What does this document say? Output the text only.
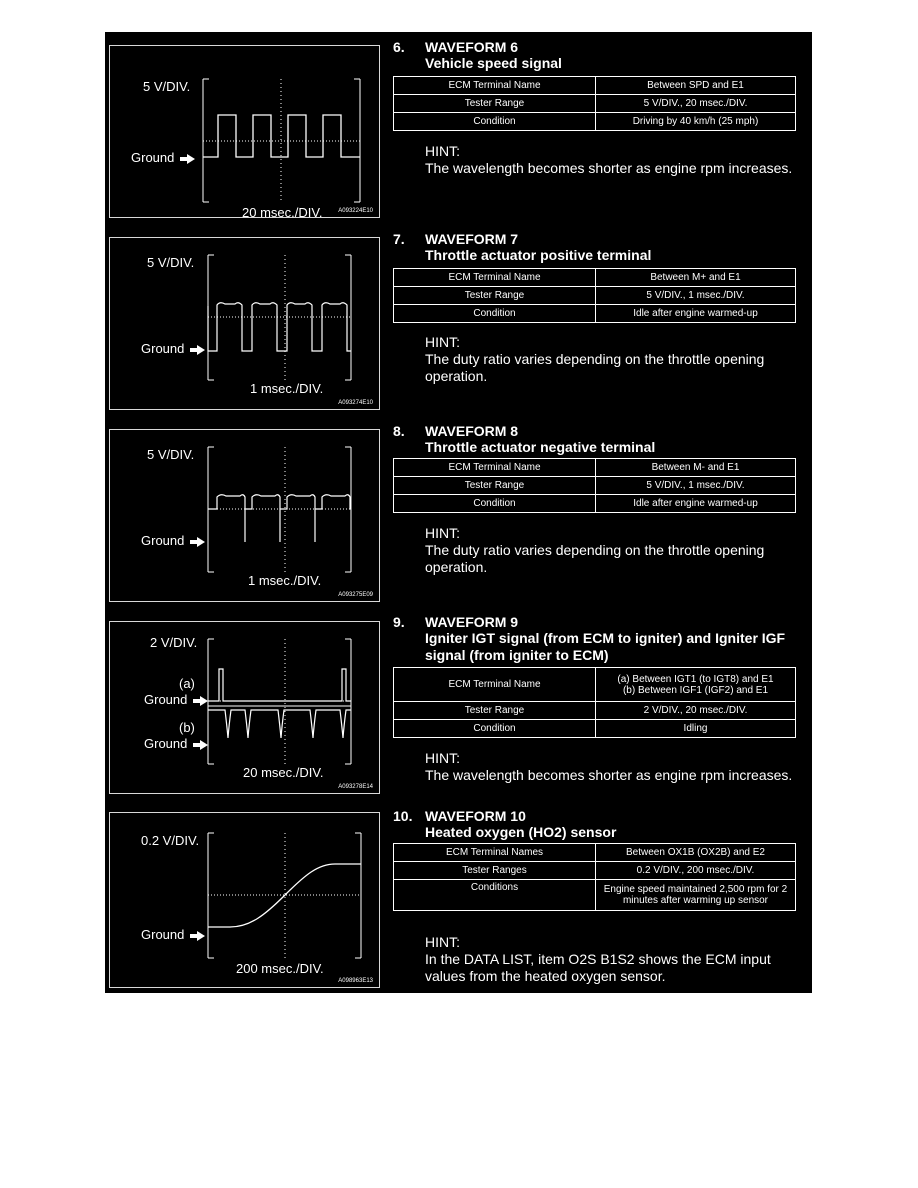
5 V/DIV.
Ground
20 msec./DIV.	A093224E10
6. WAVEFORM 6
Vehicle speed signal
ECM Terminal Name	Between SPD and E1
Tester Range	5 V/DIV., 20 msec./DIV.
Condition	Driving by 40 km/h (25 mph)
HINT:
The wavelength becomes shorter as engine rpm increases.
5 V/DIV.
Ground
1 msec./DIV.
A093274E10
7. WAVEFORM 7
Throttle actuator positive terminal
ECM Terminal Name	Between M+ and E1
Tester Range	5 V/DIV., 1 msec./DIV.
Condition	Idle after engine warmed-up
HINT:
The duty ratio varies depending on the throttle opening operation.
5 V/DIV.
Ground
1 msec./DIV.
A093275E09
8. WAVEFORM 8
Throttle actuator negative terminal
ECM Terminal Name	Between M- and E1
Tester Range	5 V/DIV., 1 msec./DIV.
Condition	Idle after engine warmed-up
HINT:
The duty ratio varies depending on the throttle opening operation.
2 V/DIV.
(a)
Ground
(b)
Ground
20 msec./DIV.
A093278E14
9. WAVEFORM 9
Igniter IGT signal (from ECM to igniter) and Igniter IGF signal (from igniter to ECM)
ECM Terminal Name	(a) Between IGT1 (to IGT8) and E1
(b) Between IGF1 (IGF2) and E1
Tester Range	2 V/DIV., 20 msec./DIV.
Condition	Idling
HINT:
The wavelength becomes shorter as engine rpm increases.
0.2 V/DIV.
Ground
200 msec./DIV.
A098963E13
10. WAVEFORM 10
Heated oxygen (HO2) sensor
ECM Terminal Names	Between OX1B (OX2B) and E2
Tester Ranges	0.2 V/DIV., 200 msec./DIV.
Conditions	Engine speed maintained 2,500 rpm for 2 minutes after warming up sensor
HINT:
In the DATA LIST, item O2S B1S2 shows the ECM input values from the heated oxygen sensor.
